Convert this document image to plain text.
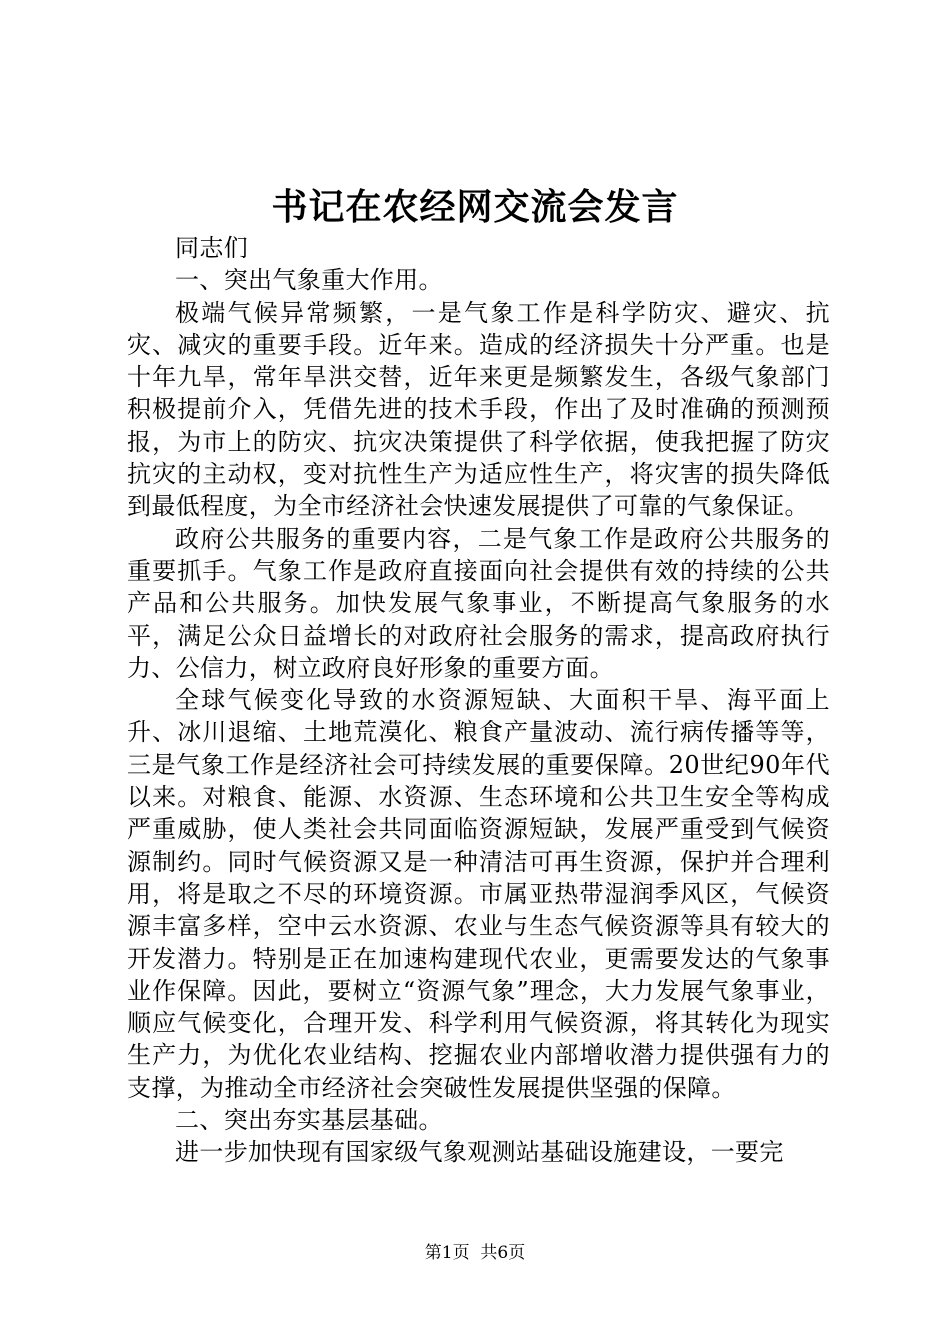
书记在农经网交流会发言

同志们

一、突出气象重大作用。

极端气候异常频繁，一是气象工作是科学防灾、避灾、抗灾、减灾的重要手段。近年来。造成的经济损失十分严重。也是十年九旱，常年旱洪交替，近年来更是频繁发生，各级气象部门积极提前介入，凭借先进的技术手段，作出了及时准确的预测预报，为市上的防灾、抗灾决策提供了科学依据，使我把握了防灾抗灾的主动权，变对抗性生产为适应性生产，将灾害的损失降低到最低程度，为全市经济社会快速发展提供了可靠的气象保证。

政府公共服务的重要内容，二是气象工作是政府公共服务的重要抓手。气象工作是政府直接面向社会提供有效的持续的公共产品和公共服务。加快发展气象事业，不断提高气象服务的水平，满足公众日益增长的对政府社会服务的需求，提高政府执行力、公信力，树立政府良好形象的重要方面。

全球气候变化导致的水资源短缺、大面积干旱、海平面上升、冰川退缩、土地荒漠化、粮食产量波动、流行病传播等等，三是气象工作是经济社会可持续发展的重要保障。20世纪90年代以来。对粮食、能源、水资源、生态环境和公共卫生安全等构成严重威胁，使人类社会共同面临资源短缺，发展严重受到气候资源制约。同时气候资源又是一种清洁可再生资源，保护并合理利用，将是取之不尽的环境资源。市属亚热带湿润季风区，气候资源丰富多样，空中云水资源、农业与生态气候资源等具有较大的开发潜力。特别是正在加速构建现代农业，更需要发达的气象事业作保障。因此，要树立“资源气象”理念，大力发展气象事业，顺应气候变化，合理开发、科学利用气候资源，将其转化为现实生产力，为优化农业结构、挖掘农业内部增收潜力提供强有力的支撑，为推动全市经济社会突破性发展提供坚强的保障。

二、突出夯实基层基础。

进一步加快现有国家级气象观测站基础设施建设，一要完

第1页 共6页
